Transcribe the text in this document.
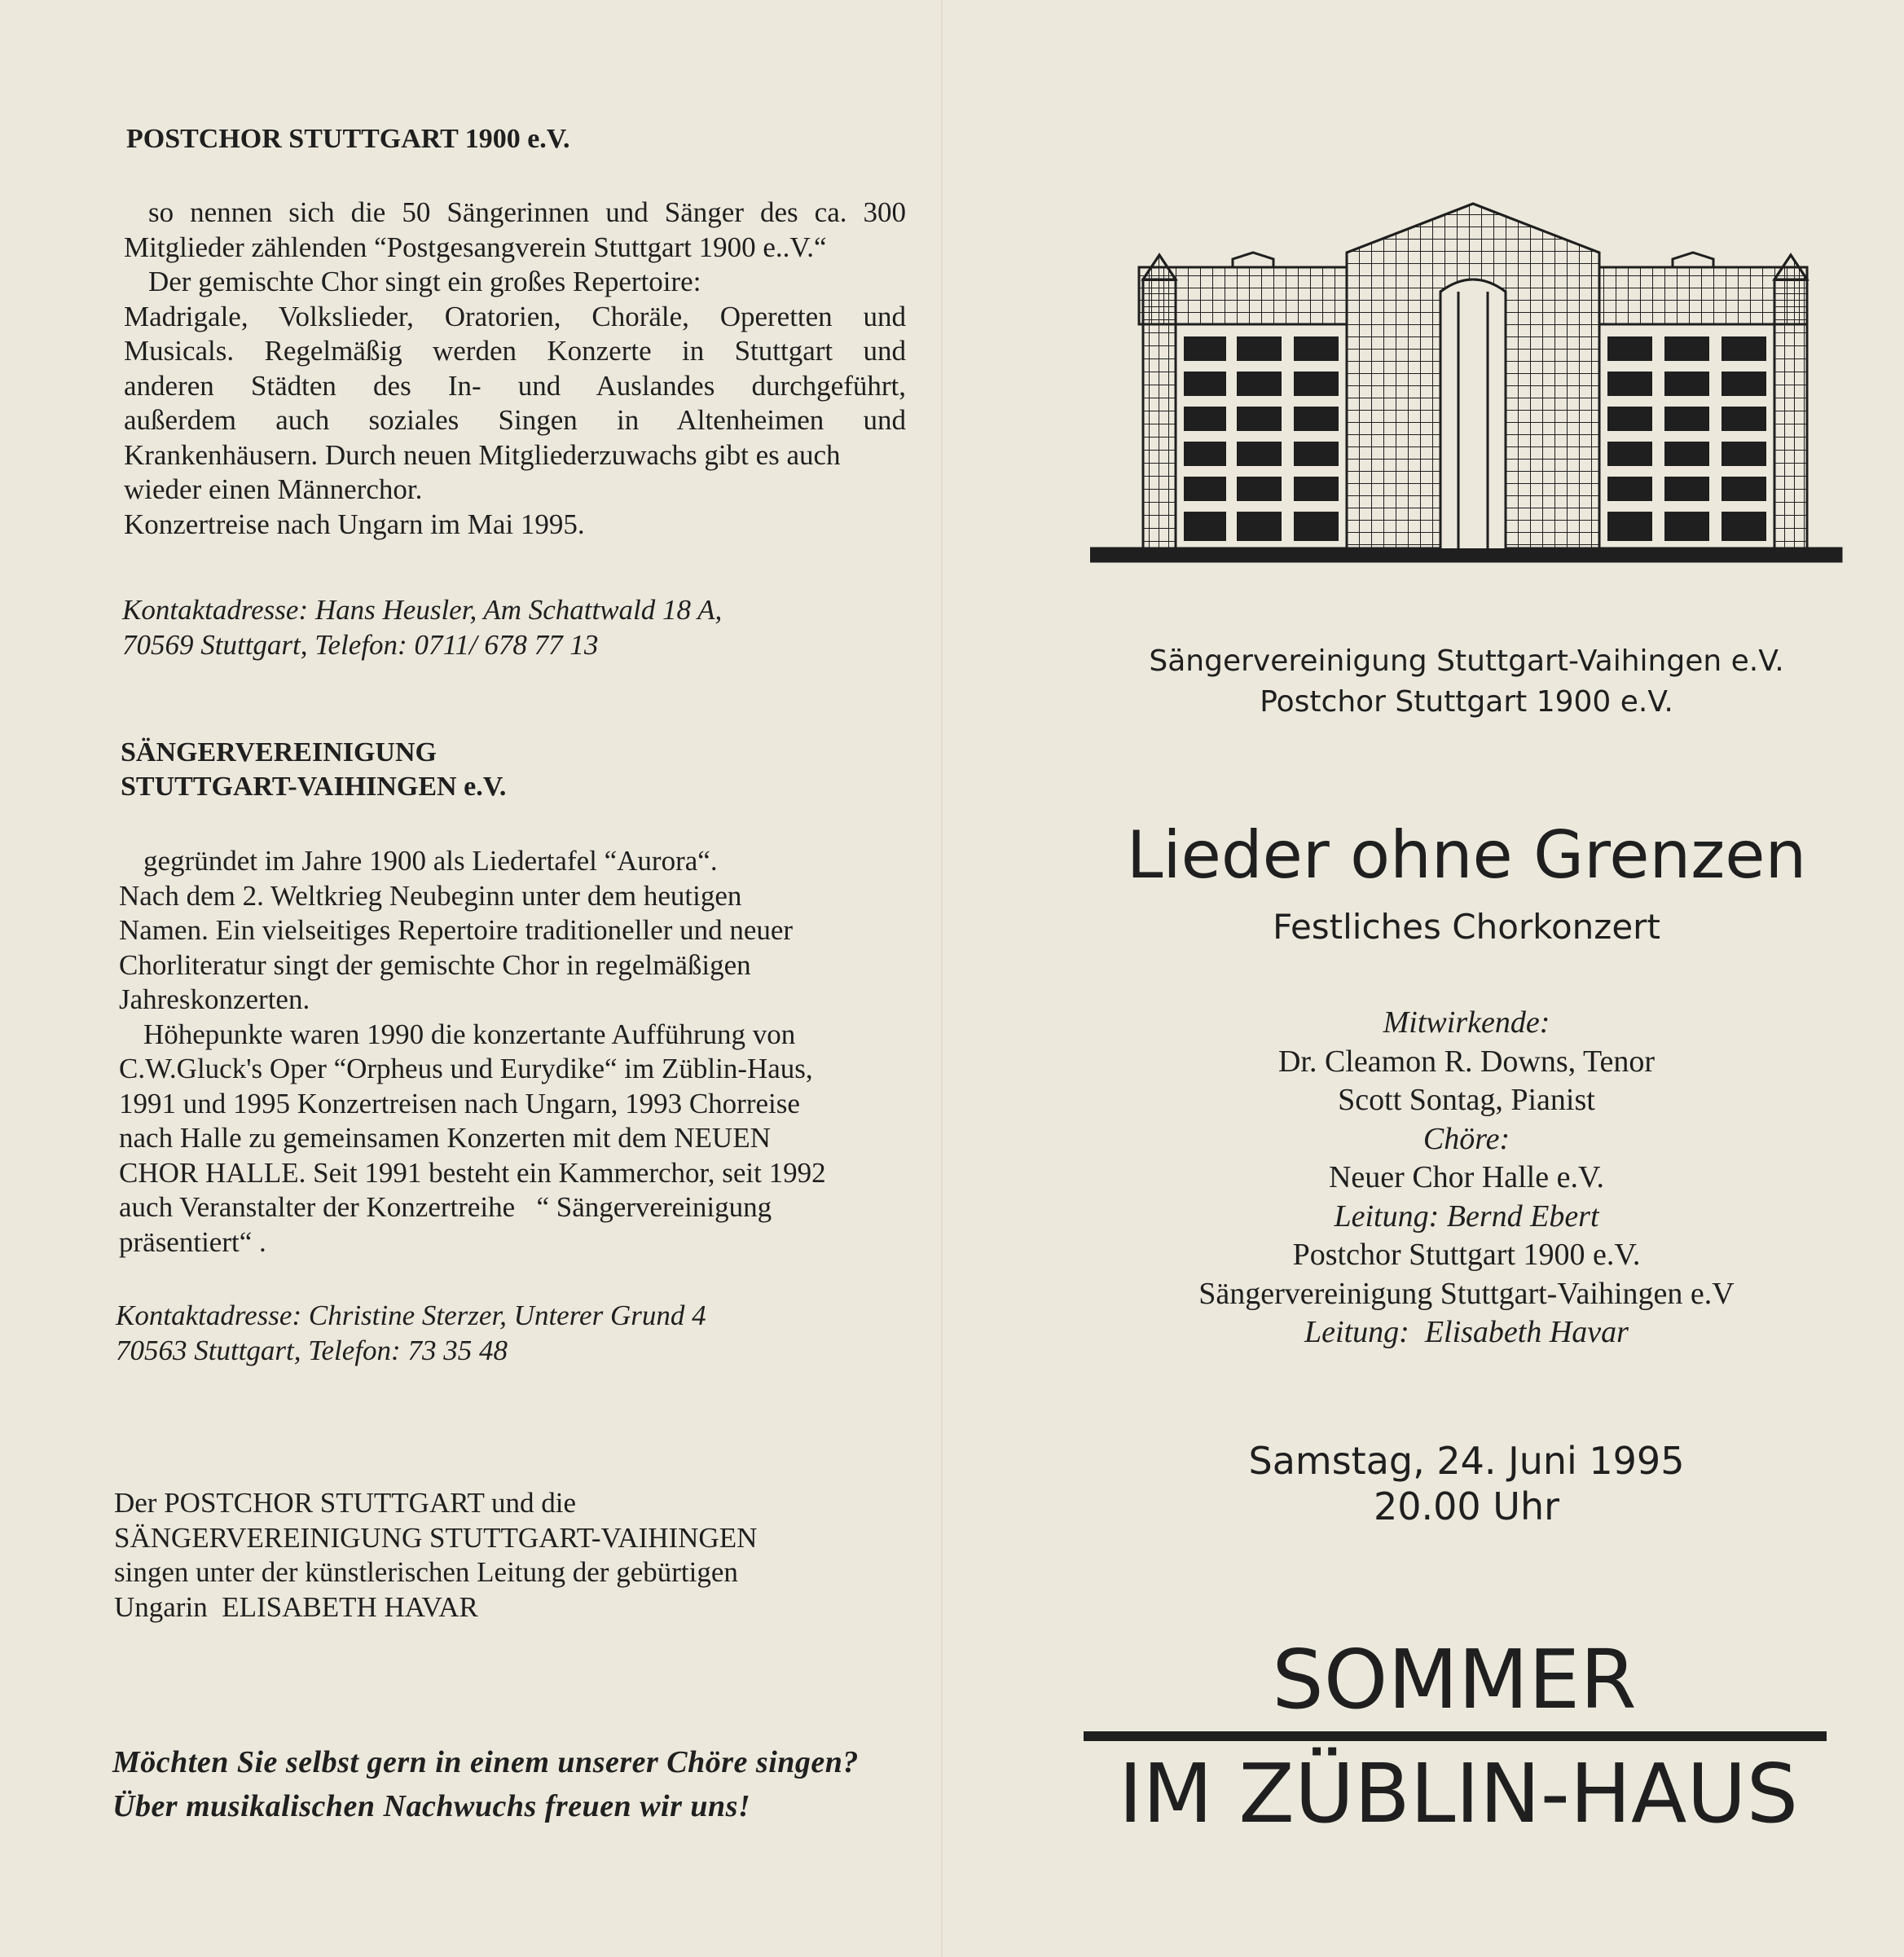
POSTCHOR STUTTGART 1900 e.V.
so nennen sich die 50 Sängerinnen und Sänger des ca. 300
Mitglieder zählenden “Postgesangverein Stuttgart 1900 e..V.“
Der gemischte Chor singt ein großes Repertoire:
Madrigale, Volkslieder, Oratorien, Choräle, Operetten und
Musicals. Regelmäßig werden Konzerte in Stuttgart und
anderen Städten des In- und Auslandes durchgeführt,
außerdem auch soziales Singen in Altenheimen und
Krankenhäusern. Durch neuen Mitgliederzuwachs gibt es auch
wieder einen Männerchor.
Konzertreise nach Ungarn im Mai 1995.
Kontaktadresse: Hans Heusler, Am Schattwald 18 A,
70569 Stuttgart, Telefon: 0711/ 678 77 13
SÄNGERVEREINIGUNG
STUTTGART-VAIHINGEN e.V.
gegründet im Jahre 1900 als Liedertafel “Aurora“.
Nach dem 2. Weltkrieg Neubeginn unter dem heutigen
Namen. Ein vielseitiges Repertoire traditioneller und neuer
Chorliteratur singt der gemischte Chor in regelmäßigen
Jahreskonzerten.
Höhepunkte waren 1990 die konzertante Aufführung von
C.W.Gluck's Oper “Orpheus und Eurydike“ im Züblin-Haus,
1991 und 1995 Konzertreisen nach Ungarn, 1993 Chorreise
nach Halle zu gemeinsamen Konzerten mit dem NEUEN
CHOR HALLE. Seit 1991 besteht ein Kammerchor, seit 1992
auch Veranstalter der Konzertreihe   “ Sängervereinigung
präsentiert“ .
Kontaktadresse: Christine Sterzer, Unterer Grund 4
70563 Stuttgart, Telefon: 73 35 48
Der POSTCHOR STUTTGART und die
SÄNGERVEREINIGUNG STUTTGART-VAIHINGEN
singen unter der künstlerischen Leitung der gebürtigen
Ungarin  ELISABETH HAVAR
Möchten Sie selbst gern in einem unserer Chöre singen?
Über musikalischen Nachwuchs freuen wir uns!
Sängervereinigung Stuttgart-Vaihingen e.V.
Postchor Stuttgart 1900 e.V.
Lieder ohne Grenzen
Festliches Chorkonzert
Mitwirkende:
Dr. Cleamon R. Downs, Tenor
Scott Sontag, Pianist
Chöre:
Neuer Chor Halle e.V.
Leitung: Bernd Ebert
Postchor Stuttgart 1900 e.V.
Sängervereinigung Stuttgart-Vaihingen e.V
Leitung:  Elisabeth Havar
Samstag, 24. Juni 1995
20.00 Uhr
SOMMER
IM ZÜBLIN-HAUS
